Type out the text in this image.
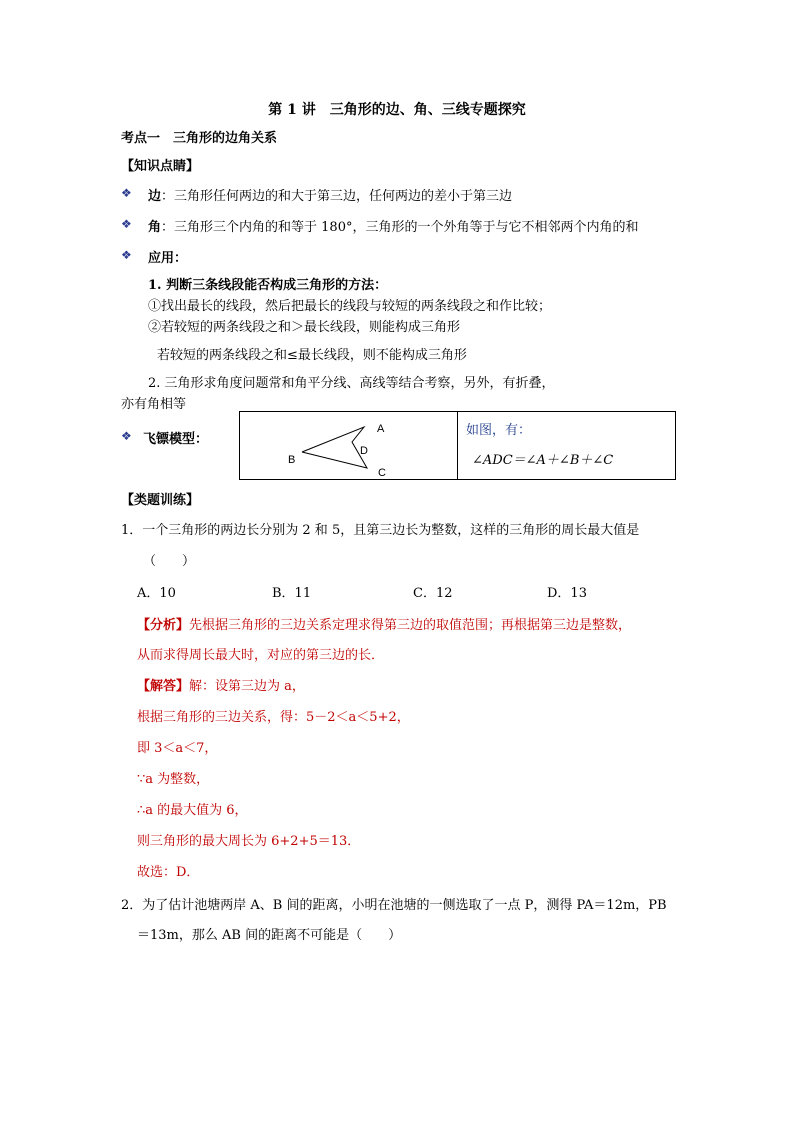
第 1 讲　三角形的边、角、三线专题探究
考点一　三角形的边角关系
【知识点睛】
❖ 边：三角形任何两边的和大于第三边，任何两边的差小于第三边
❖ 角：三角形三个内角的和等于 180°，三角形的一个外角等于与它不相邻两个内角的和
❖ 应用：
1. 判断三条线段能否构成三角形的方法：
①找出最长的线段，然后把最长的线段与较短的两条线段之和作比较；
②若较短的两条线段之和＞最长线段，则能构成三角形
若较短的两条线段之和≤最长线段，则不能构成三角形
2. 三角形求角度问题常和角平分线、高线等结合考察，另外，有折叠，
亦有角相等
❖ 飞镖模型：
A
B
C
D
如图，有：
∠ADC＝∠A＋∠B＋∠C
【类题训练】
1．一个三角形的两边长分别为 2 和 5，且第三边长为整数，这样的三角形的周长最大值是
（　　）
A．10	B．11	C．12	D．13
【分析】先根据三角形的三边关系定理求得第三边的取值范围；再根据第三边是整数，
从而求得周长最大时，对应的第三边的长．
【解答】解：设第三边为 a，
根据三角形的三边关系，得：5－2＜a＜5+2，
即 3＜a＜7，
∵a 为整数，
∴a 的最大值为 6，
则三角形的最大周长为 6+2+5＝13．
故选：D．
2．为了估计池塘两岸 A、B 间的距离，小明在池塘的一侧选取了一点 P，测得 PA＝12m，PB
＝13m，那么 AB 间的距离不可能是（　　）
